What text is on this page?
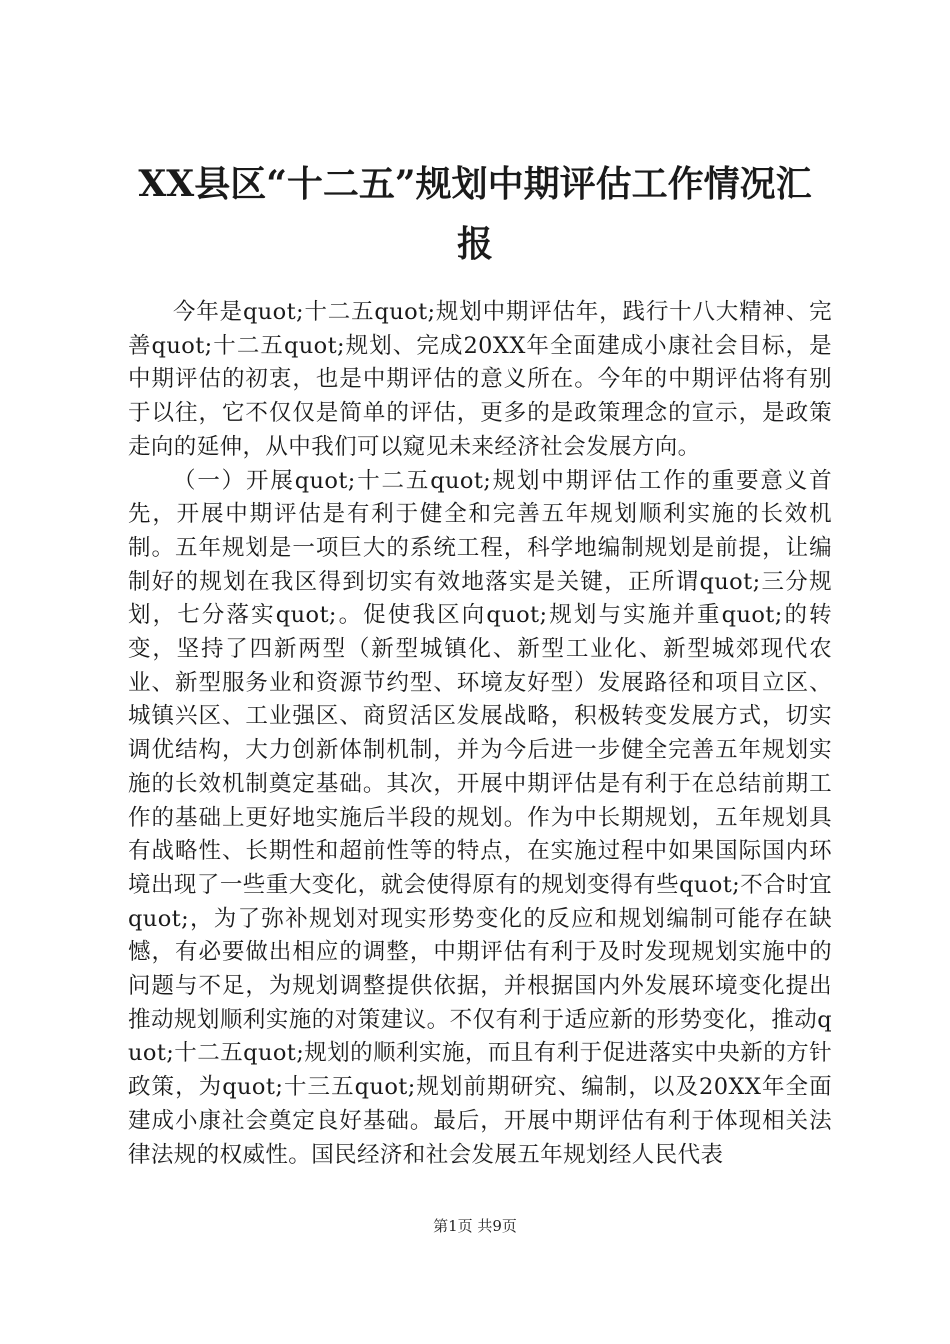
XX县区“十二五”规划中期评估工作情况汇
报

今年是quot;十二五quot;规划中期评估年，践行十八大精神、完善quot;十二五quot;规划、完成20XX年全面建成小康社会目标，是中期评估的初衷，也是中期评估的意义所在。今年的中期评估将有别于以往，它不仅仅是简单的评估，更多的是政策理念的宣示，是政策走向的延伸，从中我们可以窥见未来经济社会发展方向。

（一）开展quot;十二五quot;规划中期评估工作的重要意义首先，开展中期评估是有利于健全和完善五年规划顺利实施的长效机制。五年规划是一项巨大的系统工程，科学地编制规划是前提，让编制好的规划在我区得到切实有效地落实是关键，正所谓quot;三分规划，七分落实quot;。促使我区向quot;规划与实施并重quot;的转变，坚持了四新两型（新型城镇化、新型工业化、新型城郊现代农业、新型服务业和资源节约型、环境友好型）发展路径和项目立区、城镇兴区、工业强区、商贸活区发展战略，积极转变发展方式，切实调优结构，大力创新体制机制，并为今后进一步健全完善五年规划实施的长效机制奠定基础。其次，开展中期评估是有利于在总结前期工作的基础上更好地实施后半段的规划。作为中长期规划，五年规划具有战略性、长期性和超前性等的特点，在实施过程中如果国际国内环境出现了一些重大变化，就会使得原有的规划变得有些quot;不合时宜quot;，为了弥补规划对现实形势变化的反应和规划编制可能存在缺憾，有必要做出相应的调整，中期评估有利于及时发现规划实施中的问题与不足，为规划调整提供依据，并根据国内外发展环境变化提出推动规划顺利实施的对策建议。不仅有利于适应新的形势变化，推动quot;十二五quot;规划的顺利实施，而且有利于促进落实中央新的方针政策，为quot;十三五quot;规划前期研究、编制，以及20XX年全面建成小康社会奠定良好基础。最后，开展中期评估有利于体现相关法律法规的权威性。国民经济和社会发展五年规划经人民代表

第1页 共9页
